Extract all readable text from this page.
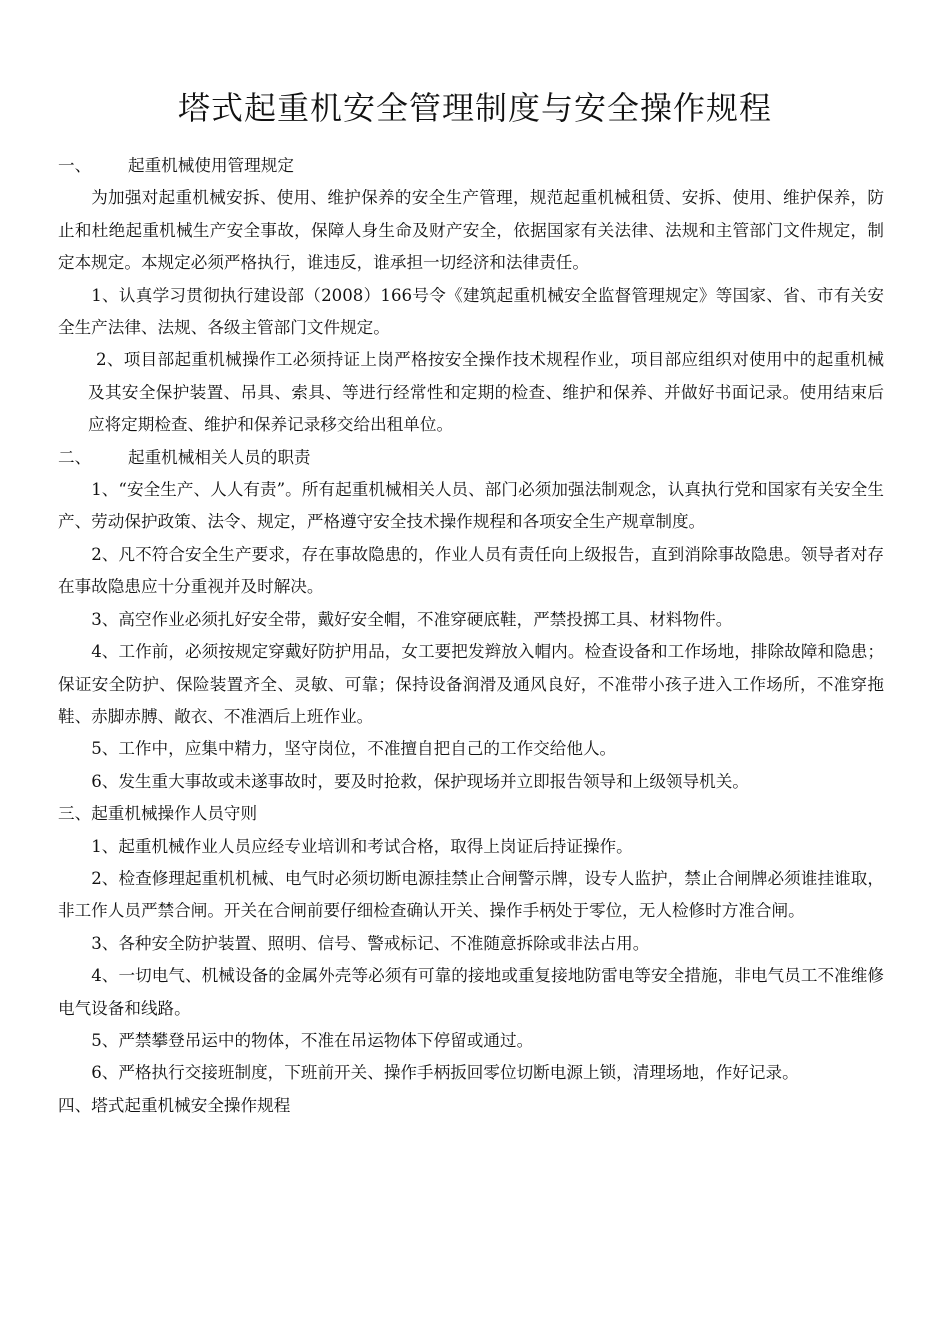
塔式起重机安全管理制度与安全操作规程

一、 起重机械使用管理规定

为加强对起重机械安拆、使用、维护保养的安全生产管理，规范起重机械租赁、安拆、使用、维护保养，防止和杜绝起重机械生产安全事故，保障人身生命及财产安全，依据国家有关法律、法规和主管部门文件规定，制定本规定。本规定必须严格执行，谁违反，谁承担一切经济和法律责任。

1、认真学习贯彻执行建设部（2008）166号令《建筑起重机械安全监督管理规定》等国家、省、市有关安全生产法律、法规、各级主管部门文件规定。

2、项目部起重机械操作工必须持证上岗严格按安全操作技术规程作业，项目部应组织对使用中的起重机械及其安全保护装置、吊具、索具、等进行经常性和定期的检查、维护和保养、并做好书面记录。使用结束后应将定期检查、维护和保养记录移交给出租单位。

二、 起重机械相关人员的职责

1、“安全生产、人人有责”。所有起重机械相关人员、部门必须加强法制观念，认真执行党和国家有关安全生产、劳动保护政策、法令、规定，严格遵守安全技术操作规程和各项安全生产规章制度。

2、凡不符合安全生产要求，存在事故隐患的，作业人员有责任向上级报告，直到消除事故隐患。领导者对存在事故隐患应十分重视并及时解决。

3、高空作业必须扎好安全带，戴好安全帽，不准穿硬底鞋，严禁投掷工具、材料物件。

4、工作前，必须按规定穿戴好防护用品，女工要把发辫放入帽内。检查设备和工作场地，排除故障和隐患；保证安全防护、保险装置齐全、灵敏、可靠；保持设备润滑及通风良好，不准带小孩子进入工作场所，不准穿拖鞋、赤脚赤膊、敞衣、不准酒后上班作业。

5、工作中，应集中精力，坚守岗位，不准擅自把自己的工作交给他人。

6、发生重大事故或未遂事故时，要及时抢救，保护现场并立即报告领导和上级领导机关。

三、起重机械操作人员守则

1、起重机械作业人员应经专业培训和考试合格，取得上岗证后持证操作。

2、检查修理起重机机械、电气时必须切断电源挂禁止合闸警示牌，设专人监护，禁止合闸牌必须谁挂谁取，非工作人员严禁合闸。开关在合闸前要仔细检查确认开关、操作手柄处于零位，无人检修时方准合闸。

3、各种安全防护装置、照明、信号、警戒标记、不准随意拆除或非法占用。

4、一切电气、机械设备的金属外壳等必须有可靠的接地或重复接地防雷电等安全措施，非电气员工不准维修电气设备和线路。

5、严禁攀登吊运中的物体，不准在吊运物体下停留或通过。

6、严格执行交接班制度，下班前开关、操作手柄扳回零位切断电源上锁，清理场地，作好记录。

四、塔式起重机械安全操作规程
